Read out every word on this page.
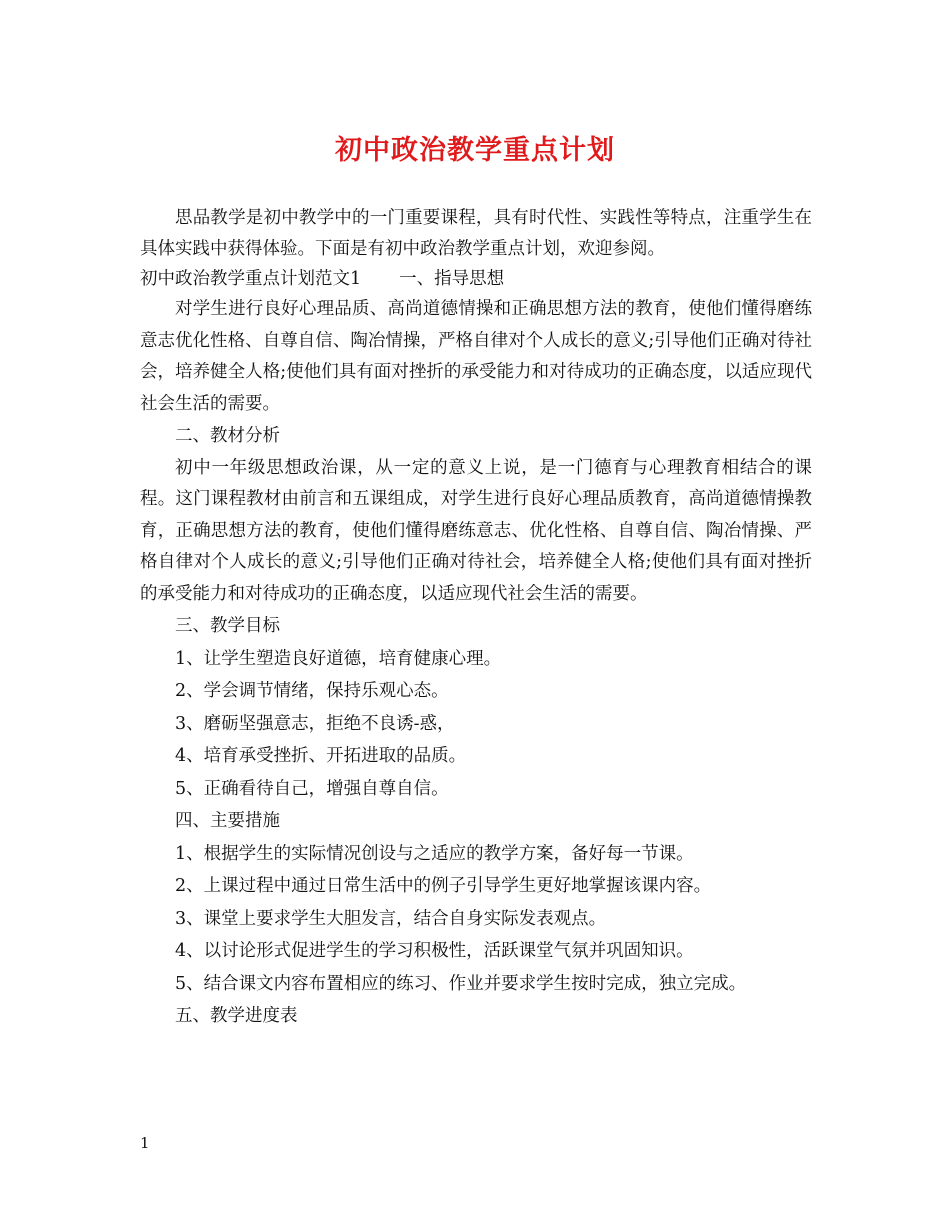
初中政治教学重点计划

思品教学是初中教学中的一门重要课程，具有时代性、实践性等特点，注重学生在具体实践中获得体验。下面是有初中政治教学重点计划，欢迎参阅。

初中政治教学重点计划范文1 一、指导思想

对学生进行良好心理品质、高尚道德情操和正确思想方法的教育，使他们懂得磨练意志优化性格、自尊自信、陶冶情操，严格自律对个人成长的意义;引导他们正确对待社会，培养健全人格;使他们具有面对挫折的承受能力和对待成功的正确态度，以适应现代社会生活的需要。

二、教材分析

初中一年级思想政治课，从一定的意义上说，是一门德育与心理教育相结合的课程。这门课程教材由前言和五课组成，对学生进行良好心理品质教育，高尚道德情操教育，正确思想方法的教育，使他们懂得磨练意志、优化性格、自尊自信、陶冶情操、严格自律对个人成长的意义;引导他们正确对待社会，培养健全人格;使他们具有面对挫折的承受能力和对待成功的正确态度，以适应现代社会生活的需要。

三、教学目标

1、让学生塑造良好道德，培育健康心理。

2、学会调节情绪，保持乐观心态。

3、磨砺坚强意志，拒绝不良诱-惑，

4、培育承受挫折、开拓进取的品质。

5、正确看待自己，增强自尊自信。

四、主要措施

1、根据学生的实际情况创设与之适应的教学方案，备好每一节课。

2、上课过程中通过日常生活中的例子引导学生更好地掌握该课内容。

3、课堂上要求学生大胆发言，结合自身实际发表观点。

4、以讨论形式促进学生的学习积极性，活跃课堂气氛并巩固知识。

5、结合课文内容布置相应的练习、作业并要求学生按时完成，独立完成。

五、教学进度表

1
